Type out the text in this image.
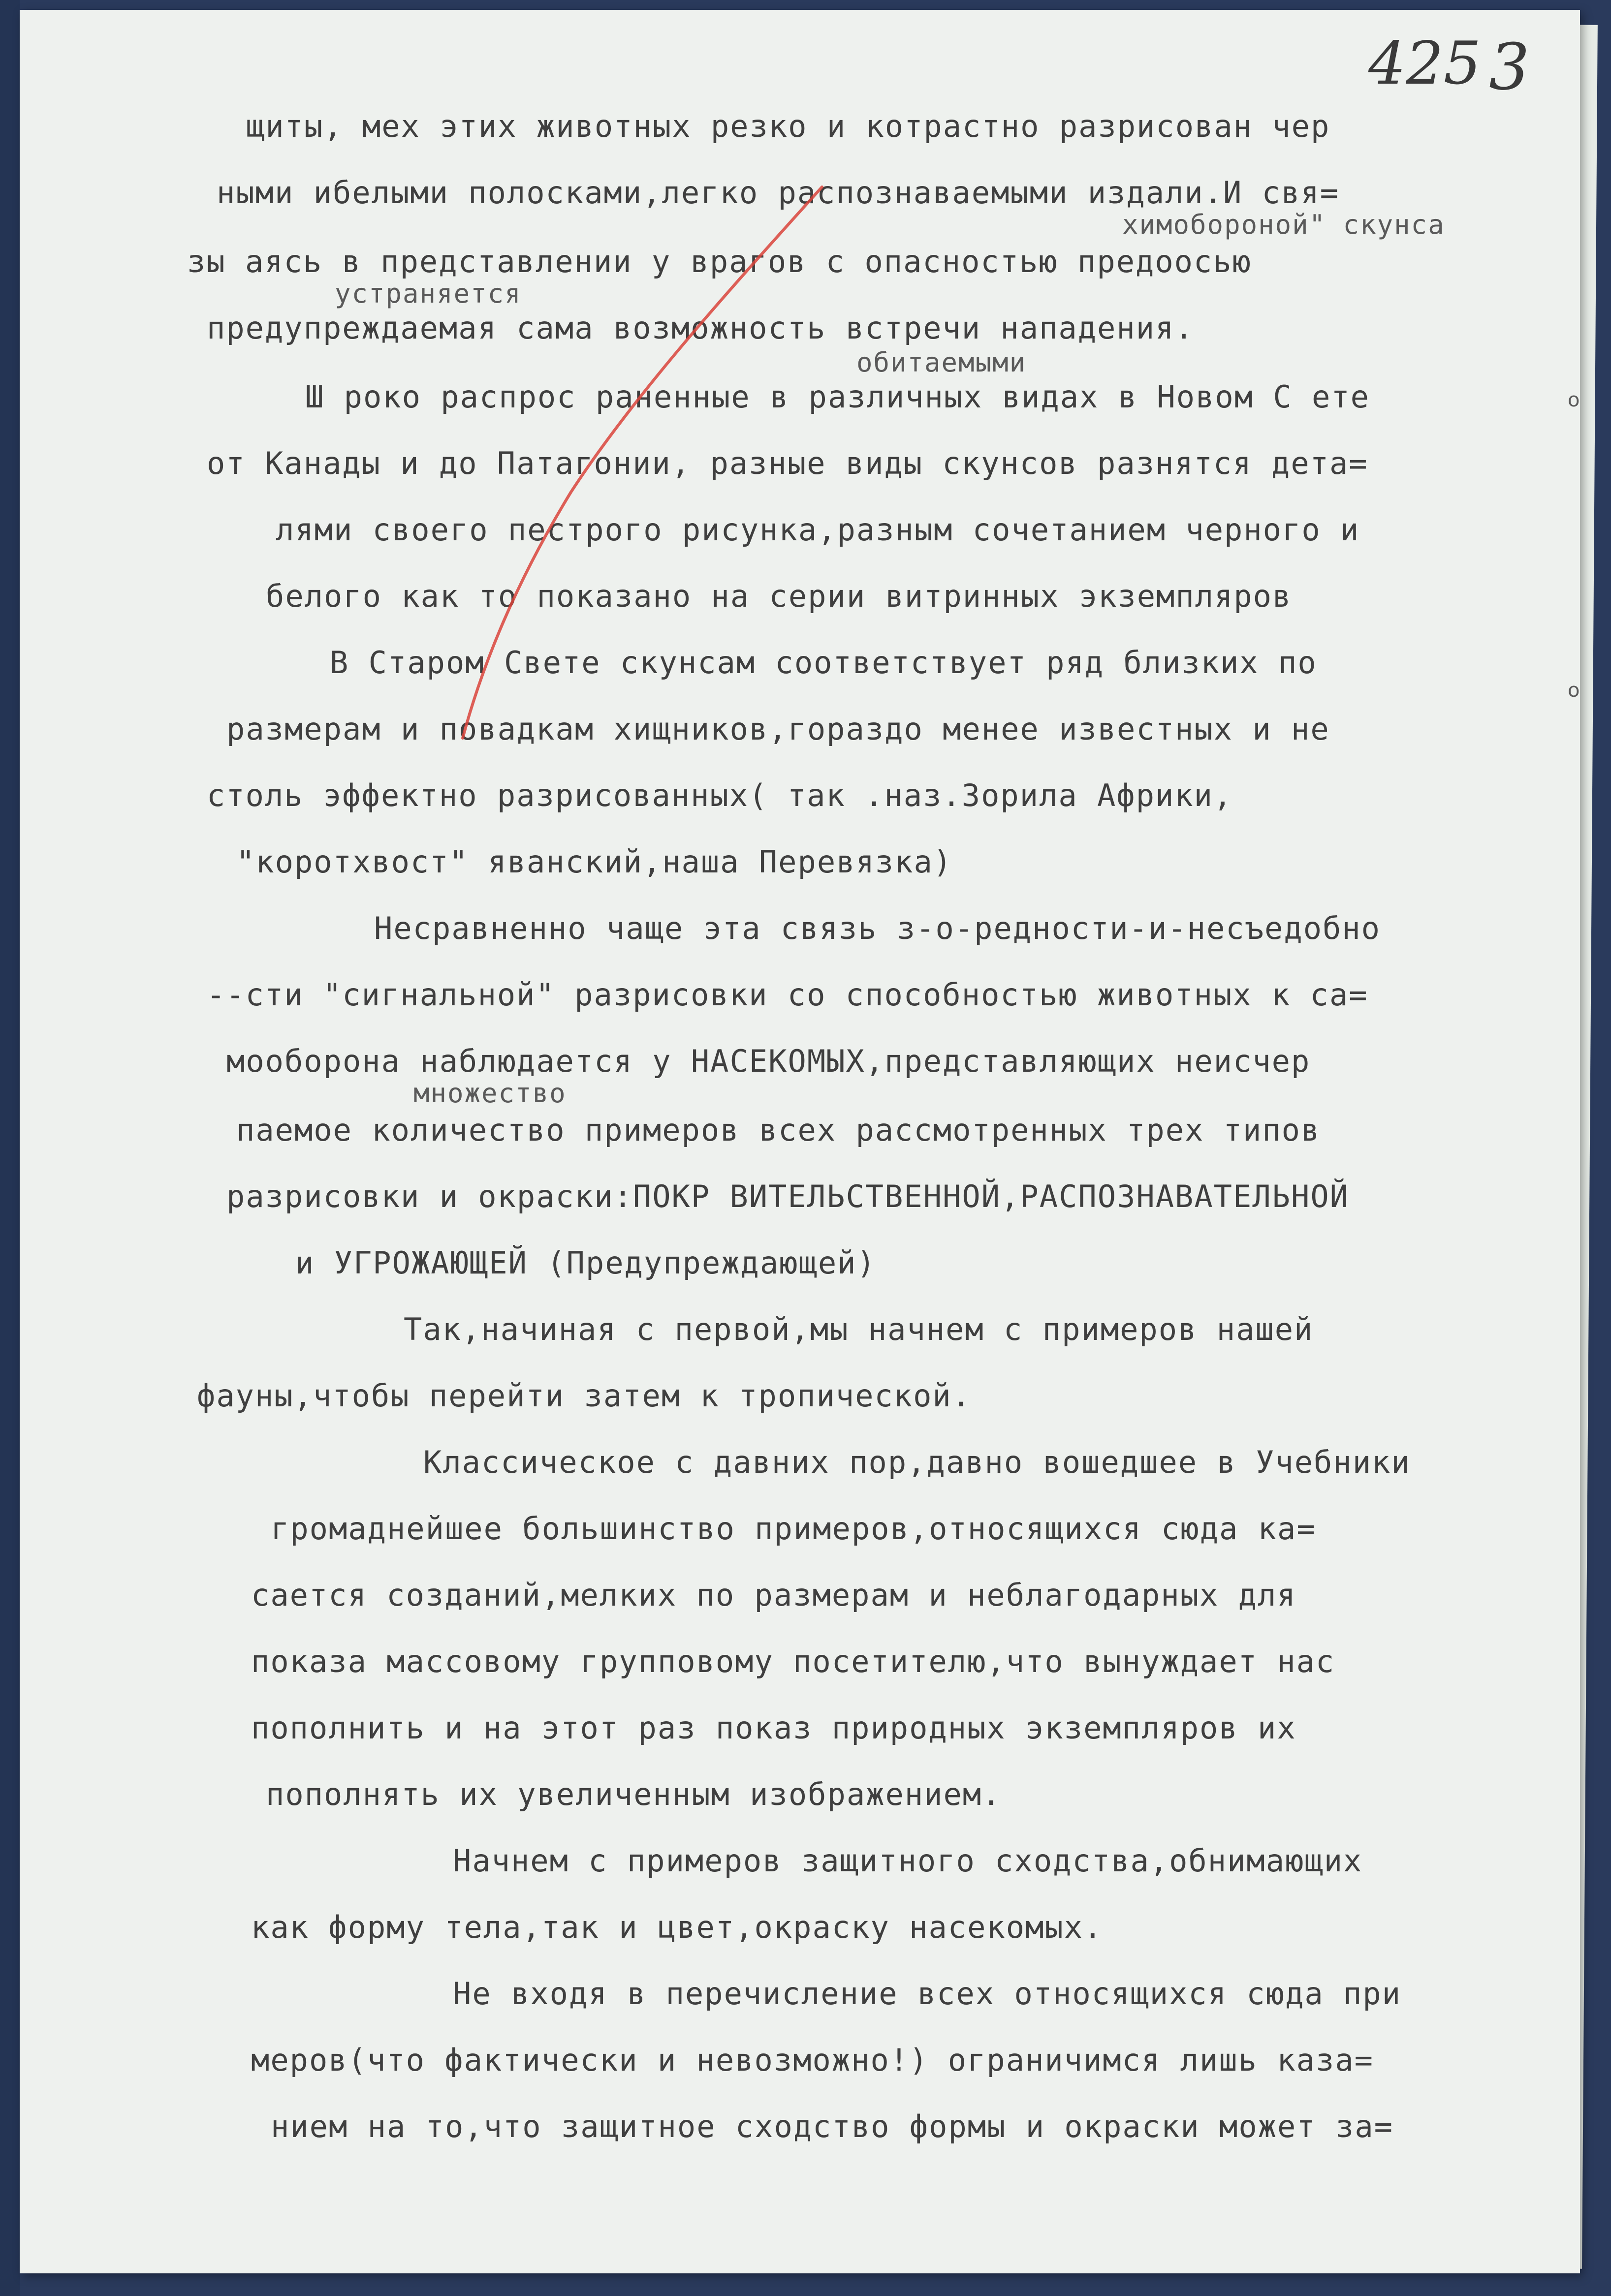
425 3
o
o
щиты, мех этих животных резко и котрастно разрисован чер
ными ибелыми полосками,легко распознаваемыми издали.И свя=
химобороной" скунса
зы аясь в представлении у врагов с опасностью предоосью
устраняется
предупреждаемая сама возможность встречи нападения.
обитаемыми
Ш роко распрос раненные в различных видах в Новом С ете
от Канады и до Патагонии, разные виды скунсов разнятся дета=
лями своего пестрого рисунка,разным сочетанием черного и
белого как то показано на серии витринных экземпляров
В Старом Свете скунсам соответствует ряд близких по
размерам и повадкам хищников,гораздо менее известных и не
столь эффектно разрисованных( так .наз.Зорила Африки,
"коротхвост" яванский,наша Перевязка)
Несравненно чаще эта связь з-о-редности-и-несъедобно
--сти "сигнальной" разрисовки со способностью животных к са=
мооборона наблюдается у НАСЕКОМЫХ,представляющих неисчер
множество
паемое количество примеров всех рассмотренных трех типов
разрисовки и окраски:ПОКР ВИТЕЛЬСТВЕННОЙ,РАСПОЗНАВАТЕЛЬНОЙ
и УГРОЖАЮЩЕЙ (Предупреждающей)
Так,начиная с первой,мы начнем с примеров нашей
фауны,чтобы перейти затем к тропической.
Классическое с давних пор,давно вошедшее в Учебники
громаднейшее большинство примеров,относящихся сюда ка=
сается созданий,мелких по размерам и неблагодарных для
показа массовому групповому посетителю,что вынуждает нас
пополнить и на этот раз показ природных экземпляров их
пополнять их увеличенным изображением.
Начнем с примеров защитного сходства,обнимающих
как форму тела,так и цвет,окраску насекомых.
Не входя в перечисление всех относящихся сюда при
меров(что фактически и невозможно!) ограничимся лишь каза=
нием на то,что защитное сходство формы и окраски может за=
